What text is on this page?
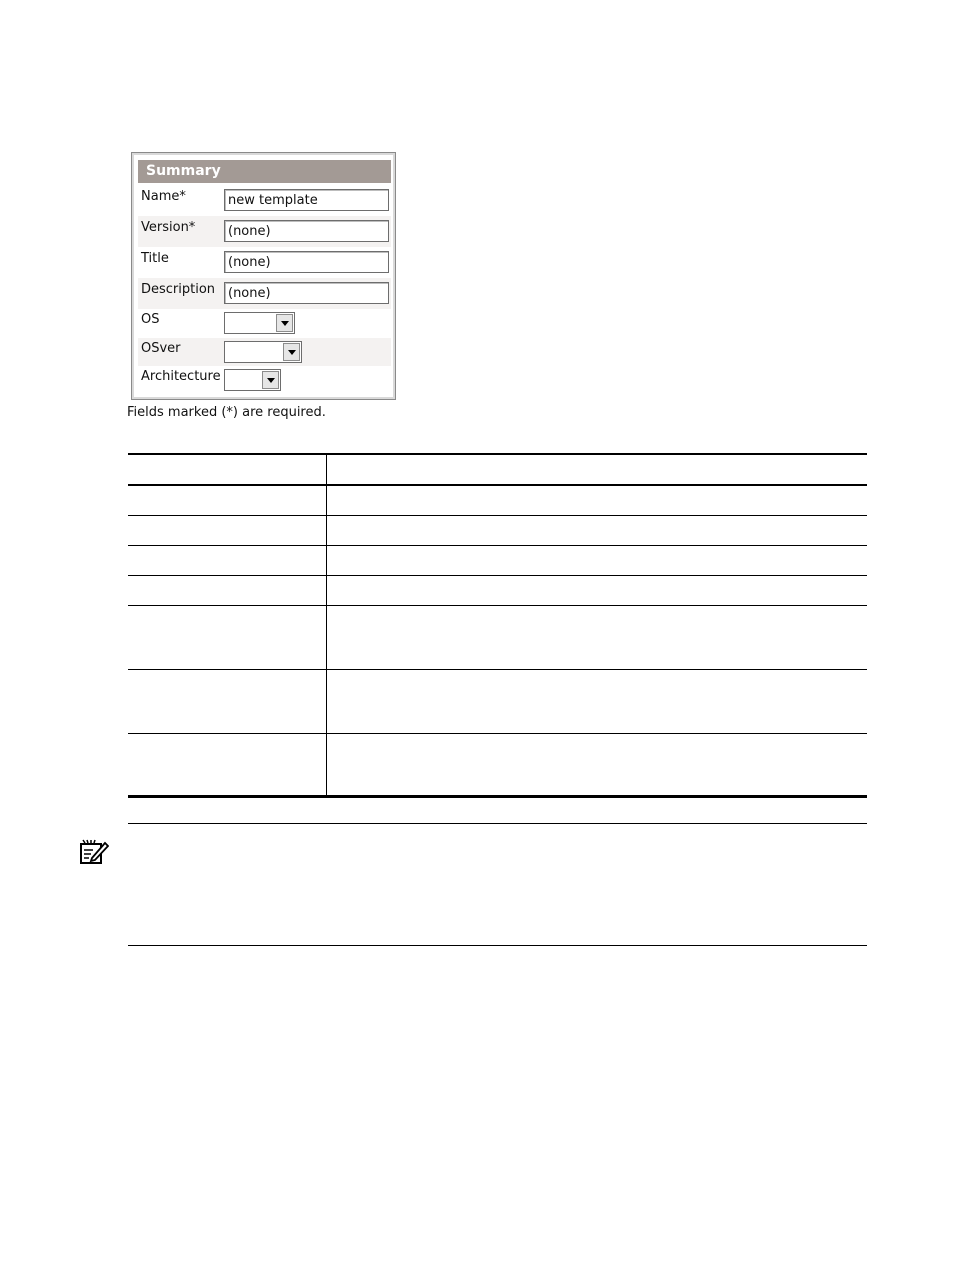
Summary
Name*	new template
Version*	(none)
Title	(none)
Description (none)
OS
OSver
Architecture
Fields marked (*) are required.
